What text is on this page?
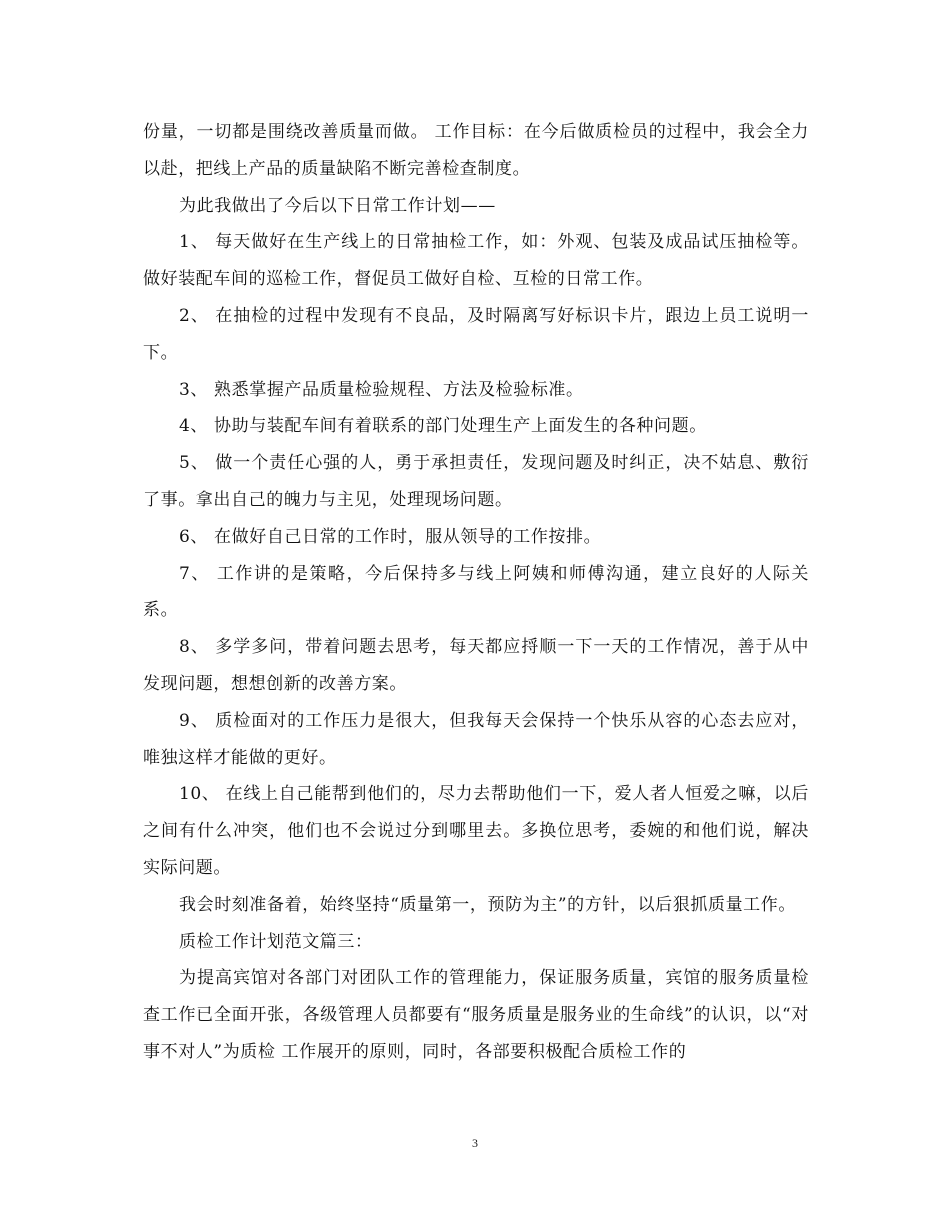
份量，一切都是围绕改善质量而做。 工作目标：在今后做质检员的过程中，我会全力以赴，把线上产品的质量缺陷不断完善检查制度。

为此我做出了今后以下日常工作计划——

1、 每天做好在生产线上的日常抽检工作，如：外观、包装及成品试压抽检等。做好装配车间的巡检工作，督促员工做好自检、互检的日常工作。

2、 在抽检的过程中发现有不良品，及时隔离写好标识卡片，跟边上员工说明一下。

3、 熟悉掌握产品质量检验规程、方法及检验标准。

4、 协助与装配车间有着联系的部门处理生产上面发生的各种问题。

5、 做一个责任心强的人，勇于承担责任，发现问题及时纠正，决不姑息、敷衍了事。拿出自己的魄力与主见，处理现场问题。

6、 在做好自己日常的工作时，服从领导的工作按排。

7、 工作讲的是策略，今后保持多与线上阿姨和师傅沟通，建立良好的人际关系。

8、 多学多问，带着问题去思考，每天都应捋顺一下一天的工作情况，善于从中发现问题，想想创新的改善方案。

9、 质检面对的工作压力是很大，但我每天会保持一个快乐从容的心态去应对，唯独这样才能做的更好。

10、 在线上自己能帮到他们的，尽力去帮助他们一下，爱人者人恒爱之嘛，以后之间有什么冲突，他们也不会说过分到哪里去。多换位思考，委婉的和他们说，解决实际问题。

我会时刻准备着，始终坚持“质量第一，预防为主”的方针，以后狠抓质量工作。

质检工作计划范文篇三：

为提高宾馆对各部门对团队工作的管理能力，保证服务质量，宾馆的服务质量检查工作已全面开张，各级管理人员都要有“服务质量是服务业的生命线”的认识，以“对事不对人”为质检 工作展开的原则，同时，各部要积极配合质检工作的

3
